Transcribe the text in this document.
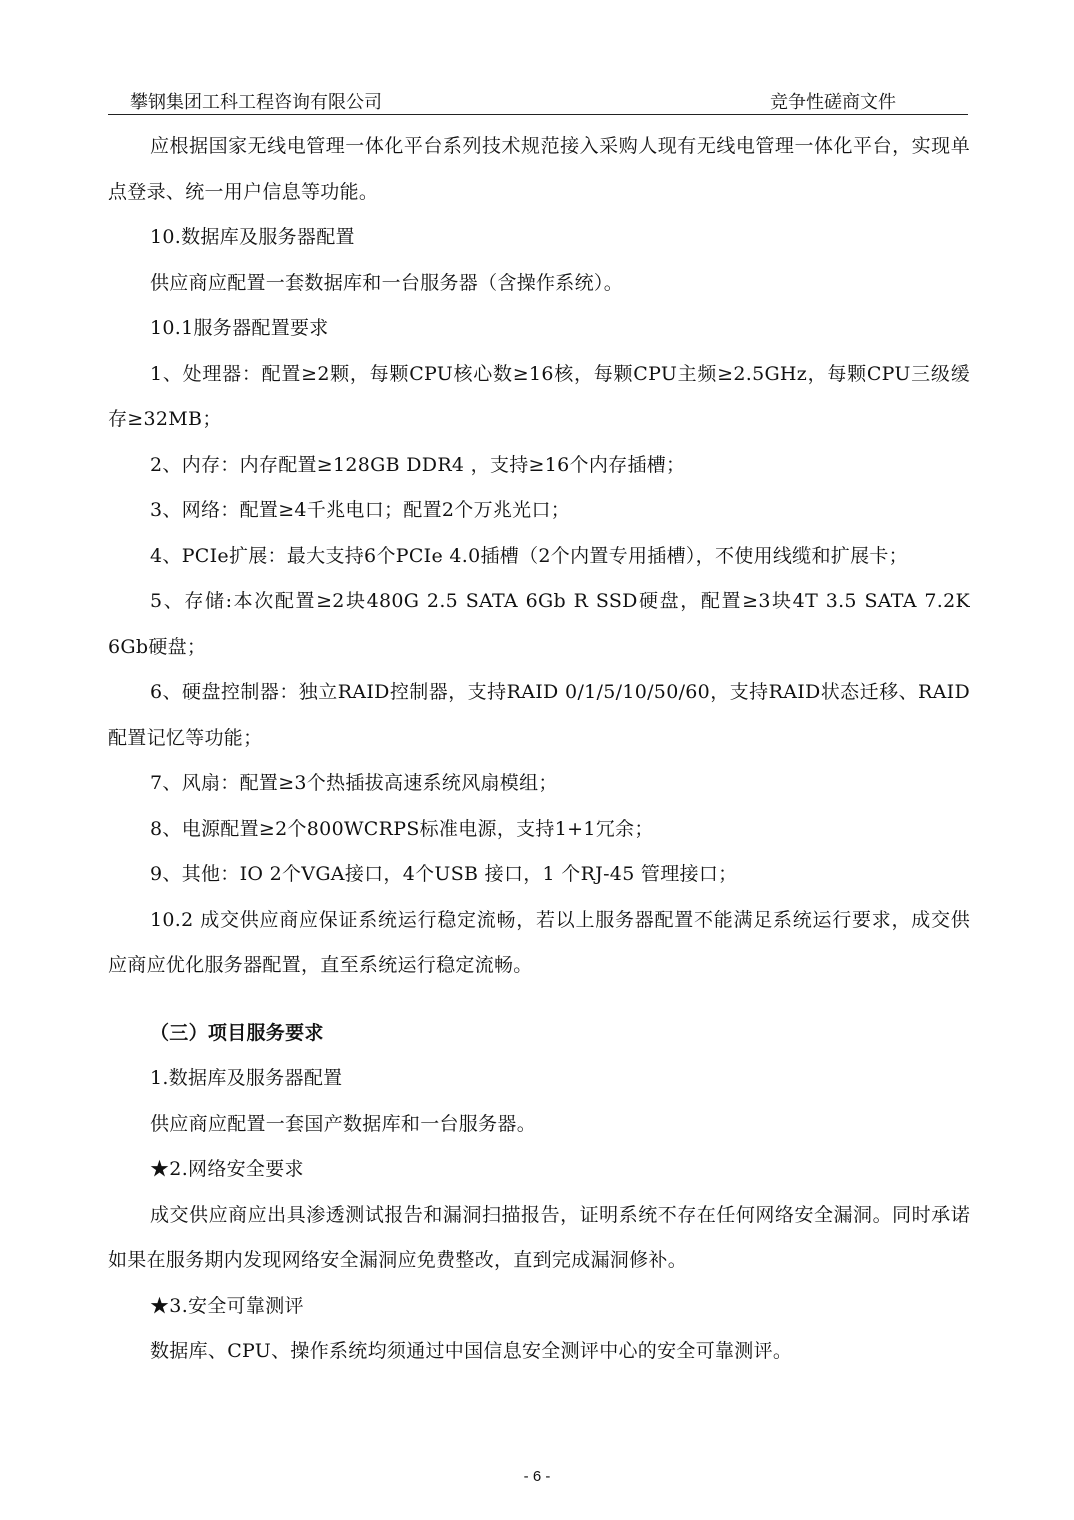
攀钢集团工科工程咨询有限公司	竞争性磋商文件

应根据国家无线电管理一体化平台系列技术规范接入采购人现有无线电管理一体化平台，实现单点登录、统一用户信息等功能。

10.数据库及服务器配置

供应商应配置一套数据库和一台服务器（含操作系统）。

10.1服务器配置要求

1、处理器：配置≥2颗，每颗CPU核心数≥16核，每颗CPU主频≥2.5GHz，每颗CPU三级缓存≥32MB；

2、内存：内存配置≥128GB DDR4 ，支持≥16个内存插槽；

3、网络：配置≥4千兆电口；配置2个万兆光口；

4、PCIe扩展：最大支持6个PCIe 4.0插槽（2个内置专用插槽），不使用线缆和扩展卡；

5、存储:本次配置≥2块480G 2.5 SATA 6Gb R SSD硬盘，配置≥3块4T 3.5 SATA 7.2K 6Gb硬盘；

6、硬盘控制器：独立RAID控制器，支持RAID 0/1/5/10/50/60，支持RAID状态迁移、RAID配置记忆等功能；

7、风扇：配置≥3个热插拔高速系统风扇模组；

8、电源配置≥2个800WCRPS标准电源，支持1+1冗余；

9、其他：IO 2个VGA接口，4个USB 接口，1 个RJ-45 管理接口；

10.2 成交供应商应保证系统运行稳定流畅，若以上服务器配置不能满足系统运行要求，成交供应商应优化服务器配置，直至系统运行稳定流畅。

（三）项目服务要求

1.数据库及服务器配置

供应商应配置一套国产数据库和一台服务器。

★2.网络安全要求

成交供应商应出具渗透测试报告和漏洞扫描报告，证明系统不存在任何网络安全漏洞。同时承诺如果在服务期内发现网络安全漏洞应免费整改，直到完成漏洞修补。

★3.安全可靠测评

数据库、CPU、操作系统均须通过中国信息安全测评中心的安全可靠测评。

- 6 -
